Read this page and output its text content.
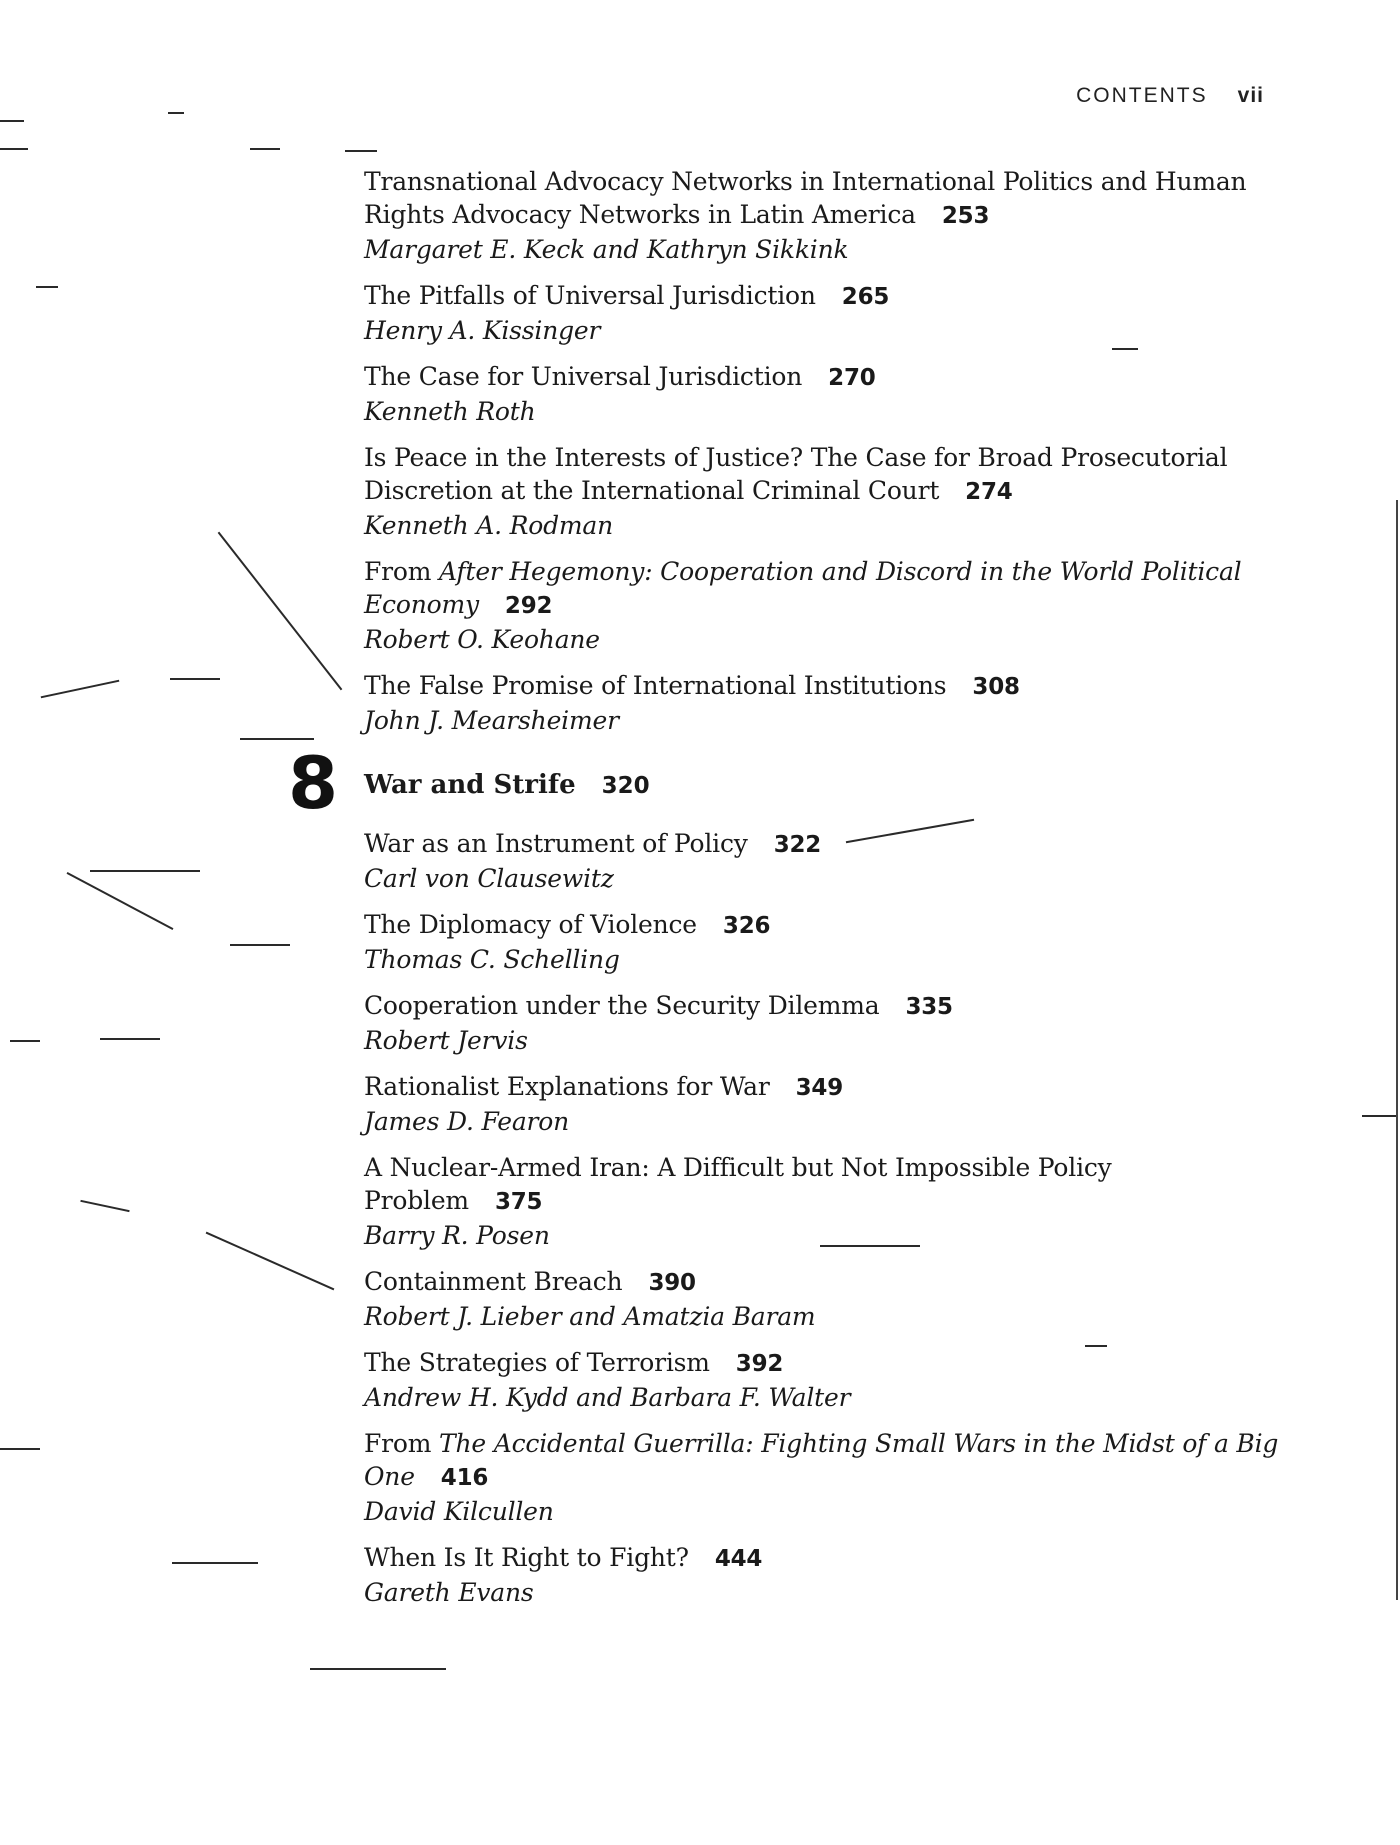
CONTENTS vii
Transnational Advocacy Networks in International Politics and Human Rights Advocacy Networks in Latin America 253
Margaret E. Keck and Kathryn Sikkink
The Pitfalls of Universal Jurisdiction 265
Henry A. Kissinger
The Case for Universal Jurisdiction 270
Kenneth Roth
Is Peace in the Interests of Justice? The Case for Broad Prosecutorial Discretion at the International Criminal Court 274
Kenneth A. Rodman
From After Hegemony: Cooperation and Discord in the World Political Economy 292
Robert O. Keohane
The False Promise of International Institutions 308
John J. Mearsheimer
8 War and Strife 320
War as an Instrument of Policy 322
Carl von Clausewitz
The Diplomacy of Violence 326
Thomas C. Schelling
Cooperation under the Security Dilemma 335
Robert Jervis
Rationalist Explanations for War 349
James D. Fearon
A Nuclear-Armed Iran: A Difficult but Not Impossible Policy Problem 375
Barry R. Posen
Containment Breach 390
Robert J. Lieber and Amatzia Baram
The Strategies of Terrorism 392
Andrew H. Kydd and Barbara F. Walter
From The Accidental Guerrilla: Fighting Small Wars in the Midst of a Big One 416
David Kilcullen
When Is It Right to Fight? 444
Gareth Evans
